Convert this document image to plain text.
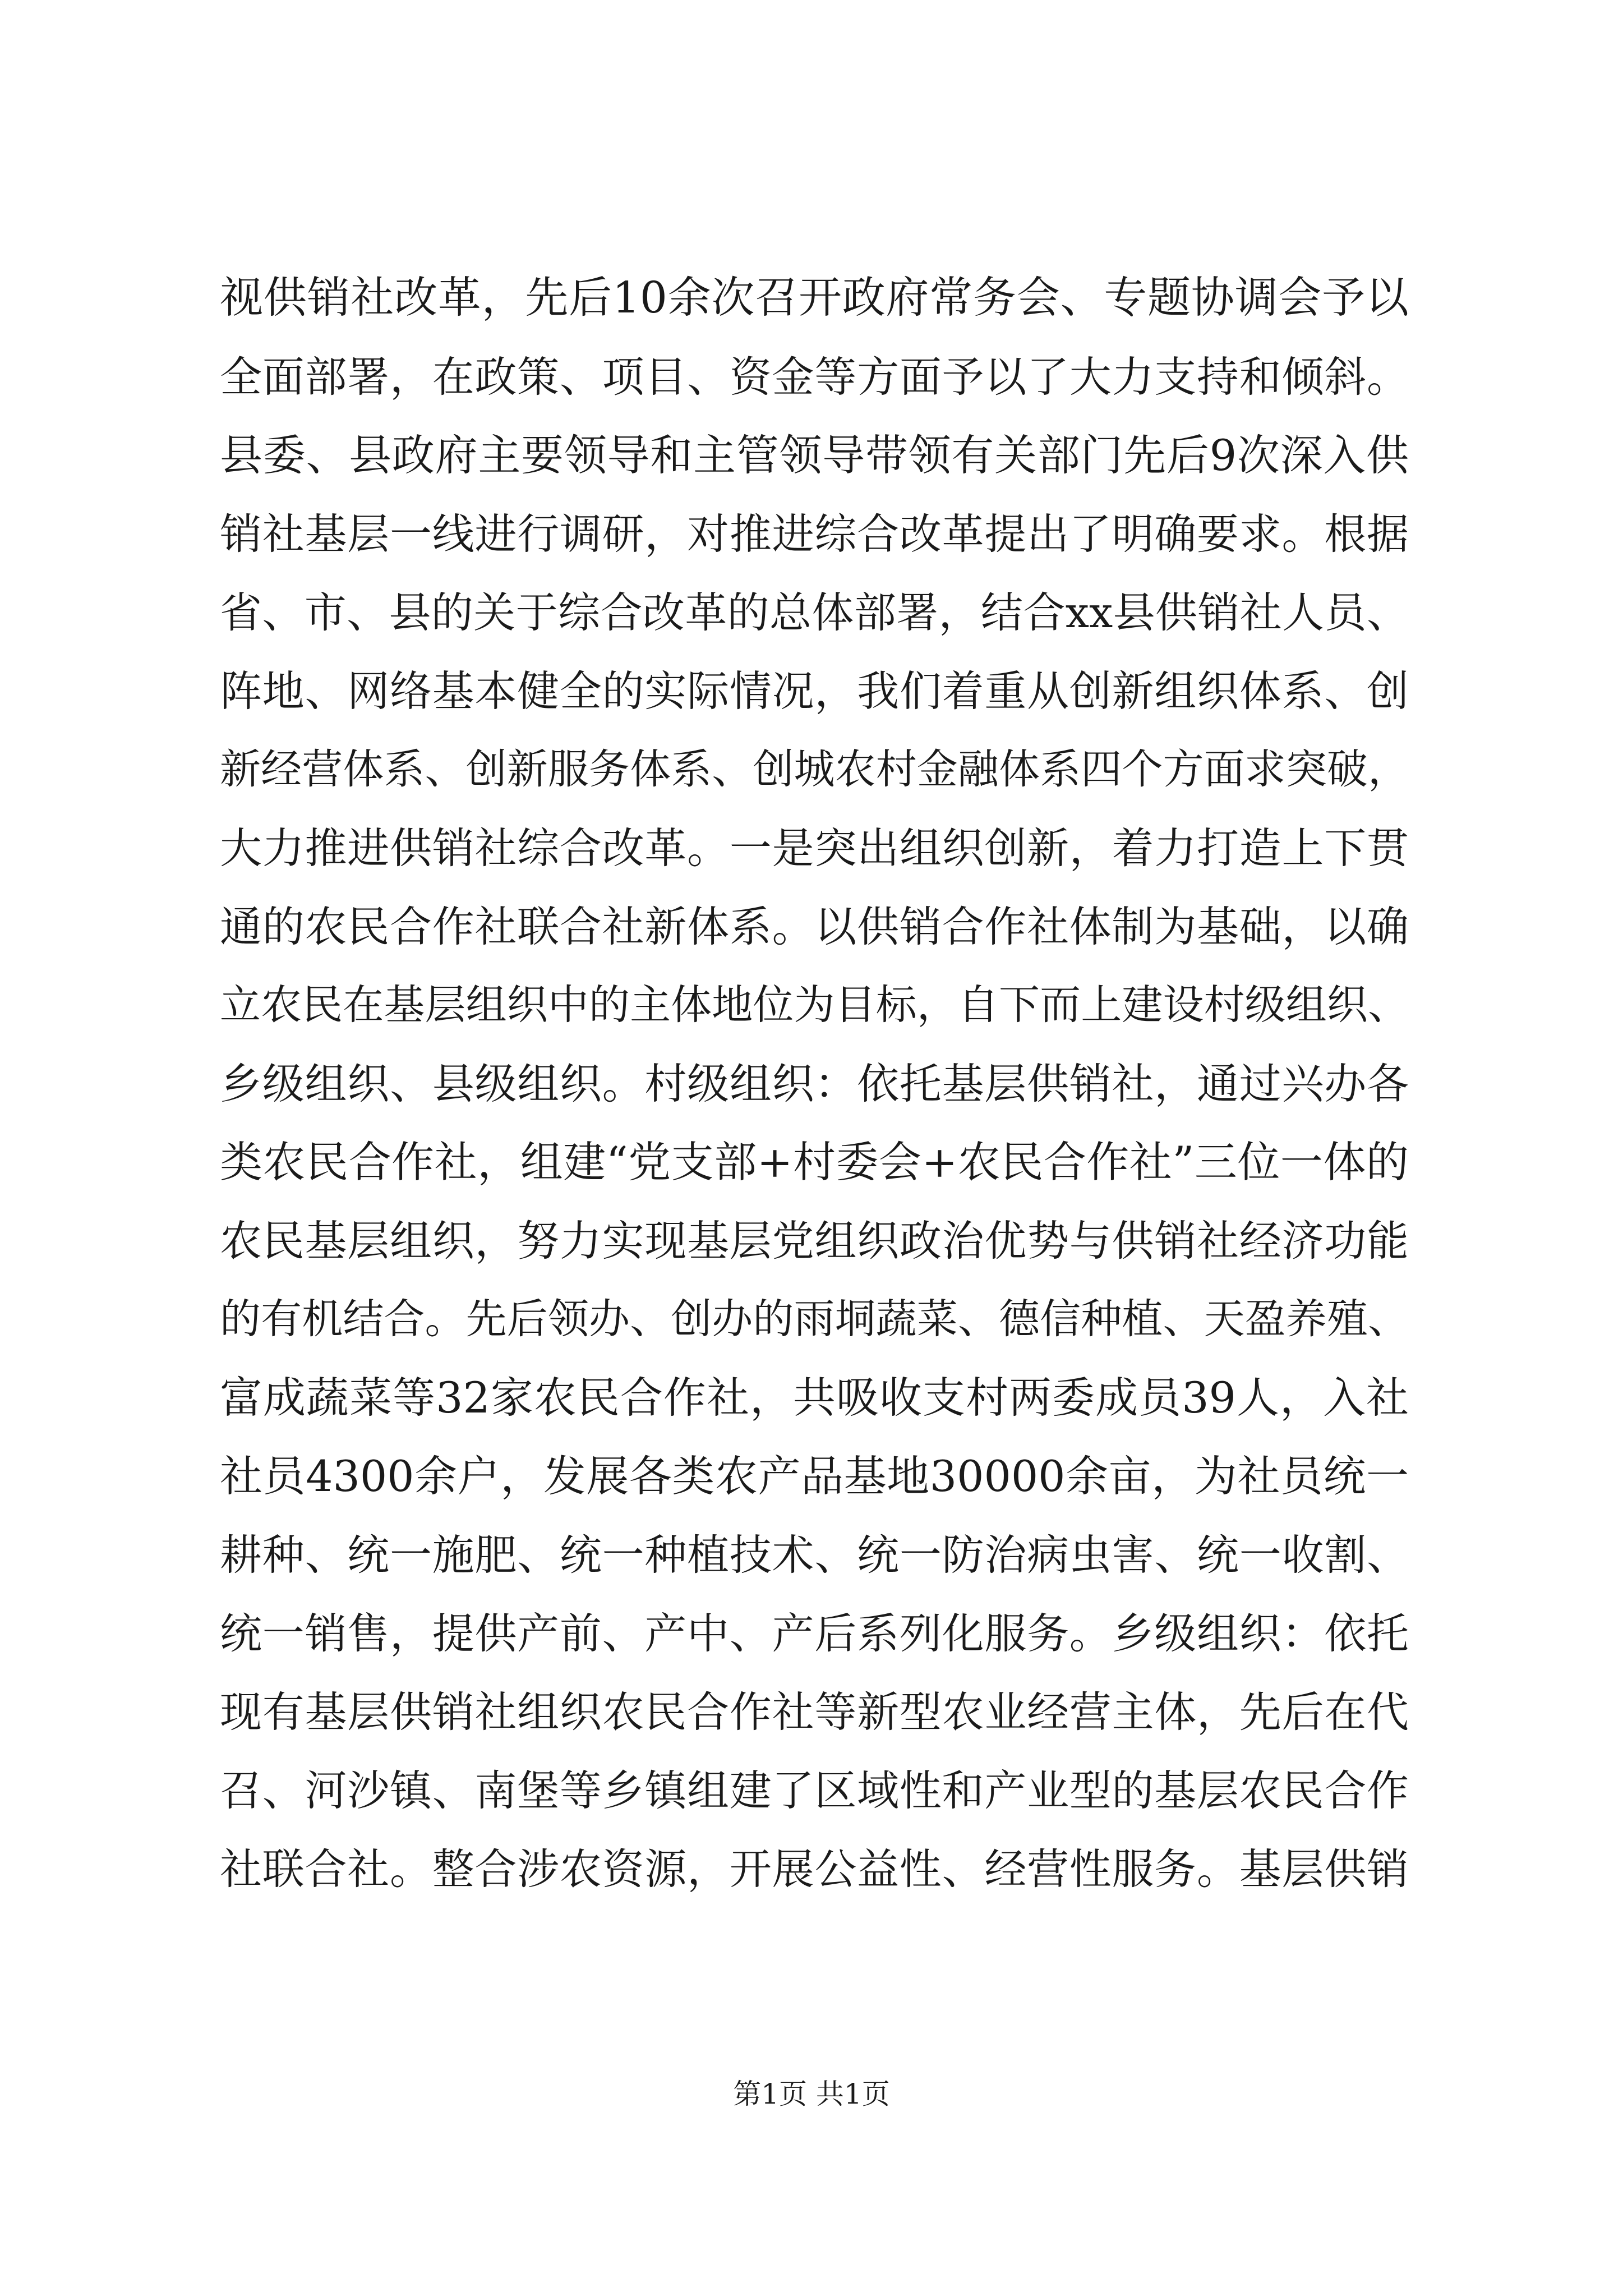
视供销社改革，先后10余次召开政府常务会、专题协调会予以
全面部署，在政策、项目、资金等方面予以了大力支持和倾斜。
县委、县政府主要领导和主管领导带领有关部门先后9次深入供
销社基层一线进行调研，对推进综合改革提出了明确要求。根据
省、市、县的关于综合改革的总体部署，结合xx县供销社人员、
阵地、网络基本健全的实际情况，我们着重从创新组织体系、创
新经营体系、创新服务体系、创城农村金融体系四个方面求突破，
大力推进供销社综合改革。一是突出组织创新，着力打造上下贯
通的农民合作社联合社新体系。以供销合作社体制为基础，以确
立农民在基层组织中的主体地位为目标，自下而上建设村级组织、
乡级组织、县级组织。村级组织：依托基层供销社，通过兴办各
类农民合作社，组建“党支部+村委会+农民合作社”三位一体的
农民基层组织，努力实现基层党组织政治优势与供销社经济功能
的有机结合。先后领办、创办的雨垌蔬菜、德信种植、天盈养殖、
富成蔬菜等32家农民合作社，共吸收支村两委成员39人，入社
社员4300余户，发展各类农产品基地30000余亩，为社员统一
耕种、统一施肥、统一种植技术、统一防治病虫害、统一收割、
统一销售，提供产前、产中、产后系列化服务。乡级组织：依托
现有基层供销社组织农民合作社等新型农业经营主体，先后在代
召、河沙镇、南堡等乡镇组建了区域性和产业型的基层农民合作
社联合社。整合涉农资源，开展公益性、经营性服务。基层供销
第1页 共1页
